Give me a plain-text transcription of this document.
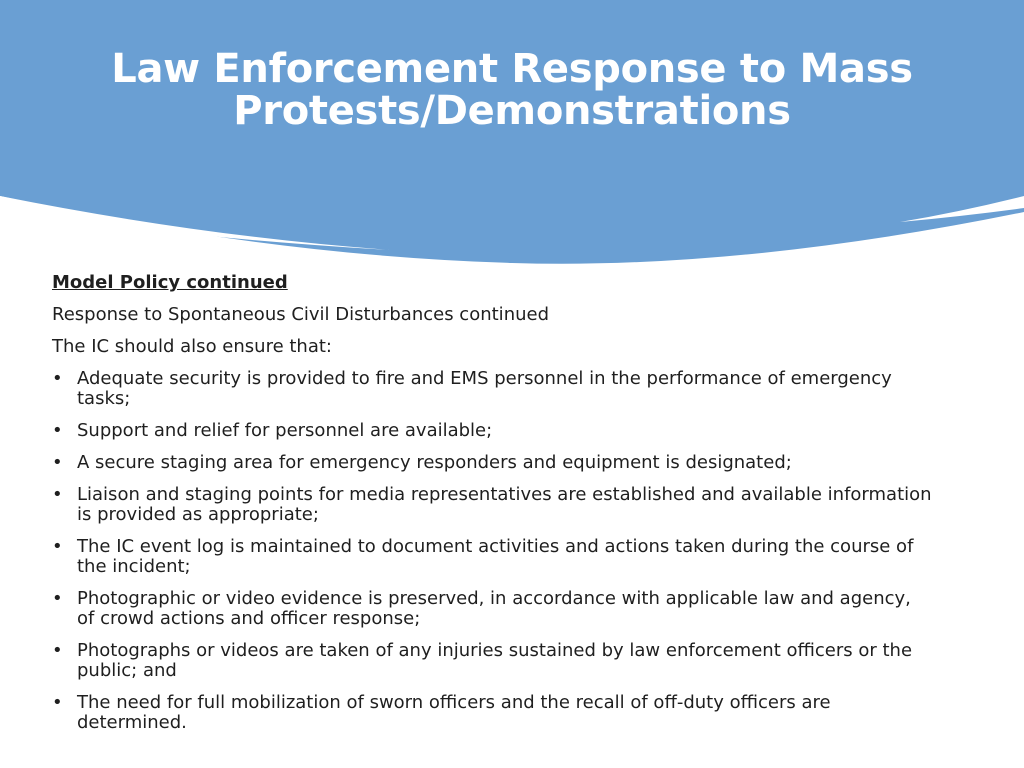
Law Enforcement Response to Mass
Protests/Demonstrations

Model Policy continued

Response to Spontaneous Civil Disturbances continued

The IC should also ensure that:

• Adequate security is provided to fire and EMS personnel in the performance of emergency tasks;
• Support and relief for personnel are available;
• A secure staging area for emergency responders and equipment is designated;
• Liaison and staging points for media representatives are established and available information is provided as appropriate;
• The IC event log is maintained to document activities and actions taken during the course of the incident;
• Photographic or video evidence is preserved, in accordance with applicable law and agency, of crowd actions and officer response;
• Photographs or videos are taken of any injuries sustained by law enforcement officers or the public; and
• The need for full mobilization of sworn officers and the recall of off-duty officers are determined.
